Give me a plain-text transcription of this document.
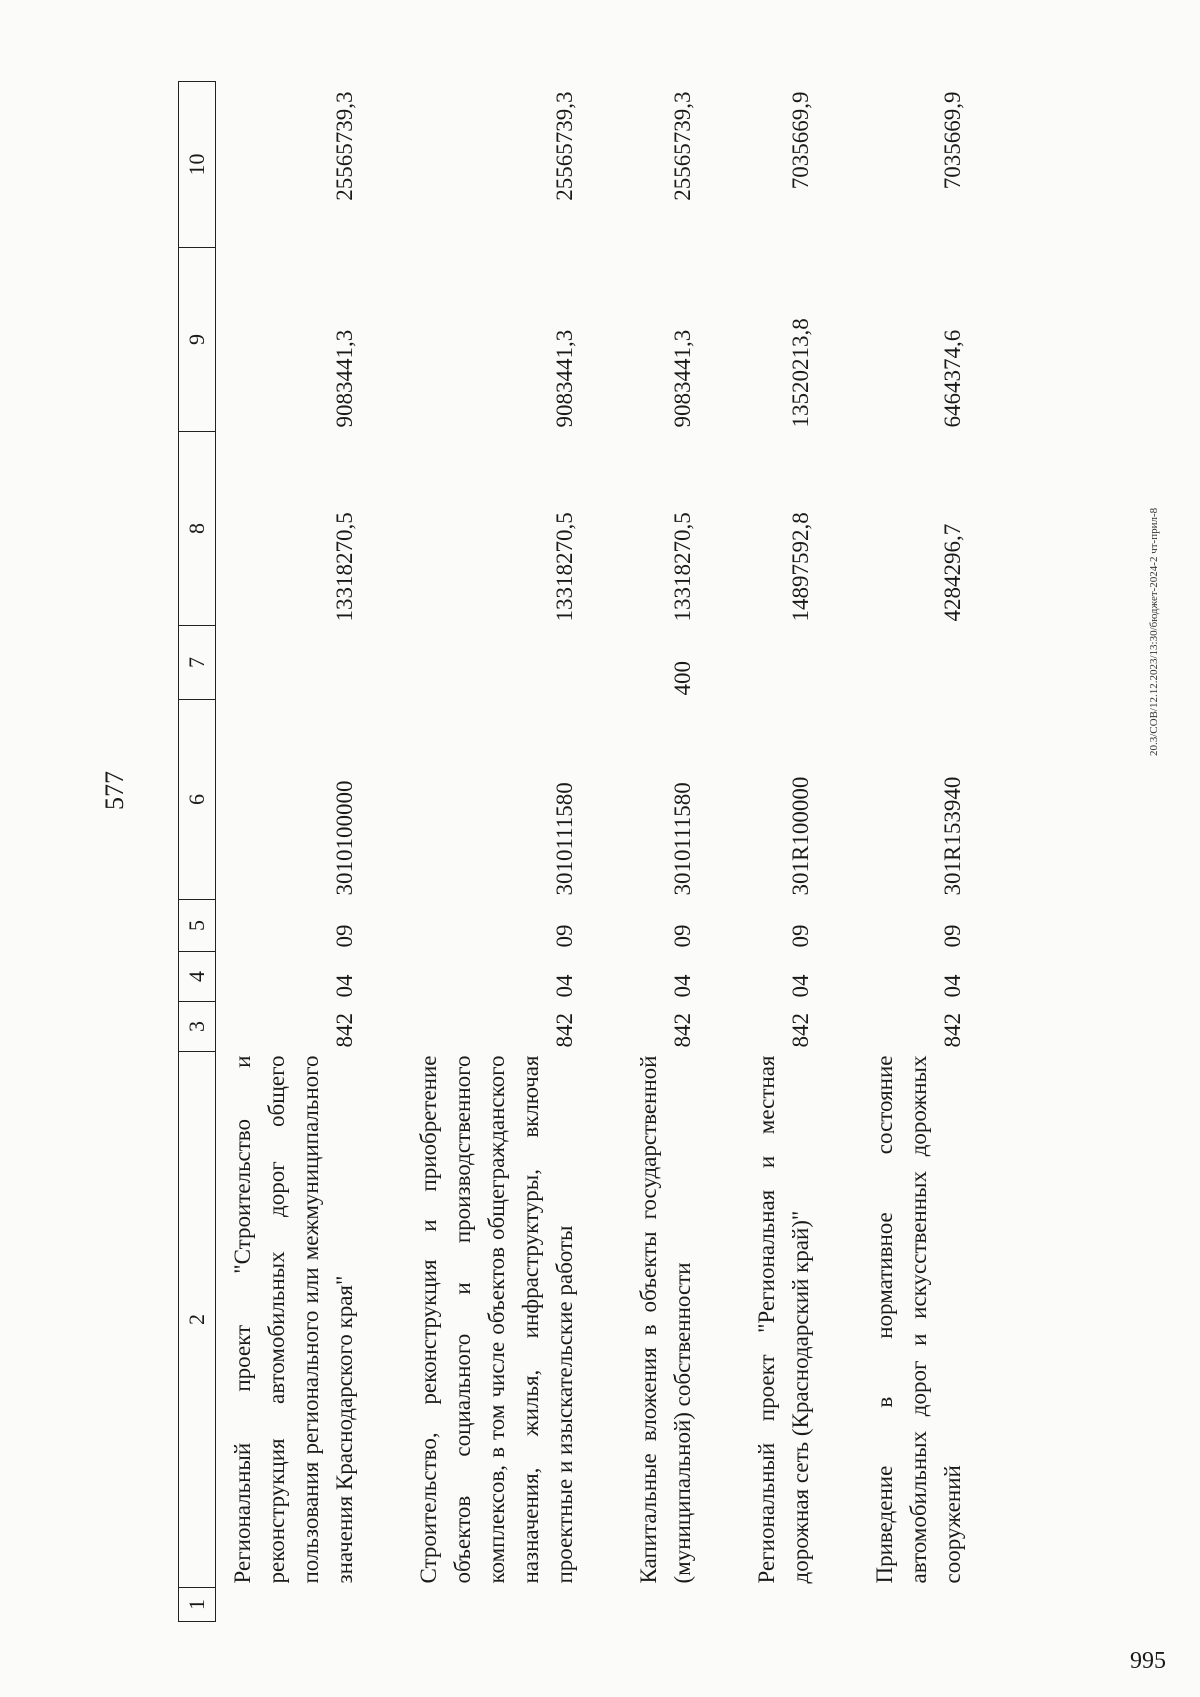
577
1	2	3	4	5	6	7	8	9	10
	Региональный проект "Строительство и реконструкция автомобильных дорог общего пользования регионального или межмуниципального значения Краснодарского края"	842	04	09	3010100000		13318270,5	9083441,3	25565739,3

	Строительство, реконструкция и приобретение объектов социального и производственного комплексов, в том числе объектов общегражданского назначения, жилья, инфраструктуры, включая проектные и изыскательские работы	842	04	09	3010111580		13318270,5	9083441,3	25565739,3

	Капитальные вложения в объекты государственной (муниципальной) собственности	842	04	09	3010111580	400	13318270,5	9083441,3	25565739,3

	Региональный проект "Региональная и местная дорожная сеть (Краснодарский край)"	842	04	09	301R100000		14897592,8	13520213,8	7035669,9

	Приведение в нормативное состояние автомобильных дорог и искусственных дорожных сооружений	842	04	09	301R153940		4284296,7	6464374,6	7035669,9
20.3/СОВ/12.12.2023/13:30/бюджет-2024-2 чт-прил-8
995
